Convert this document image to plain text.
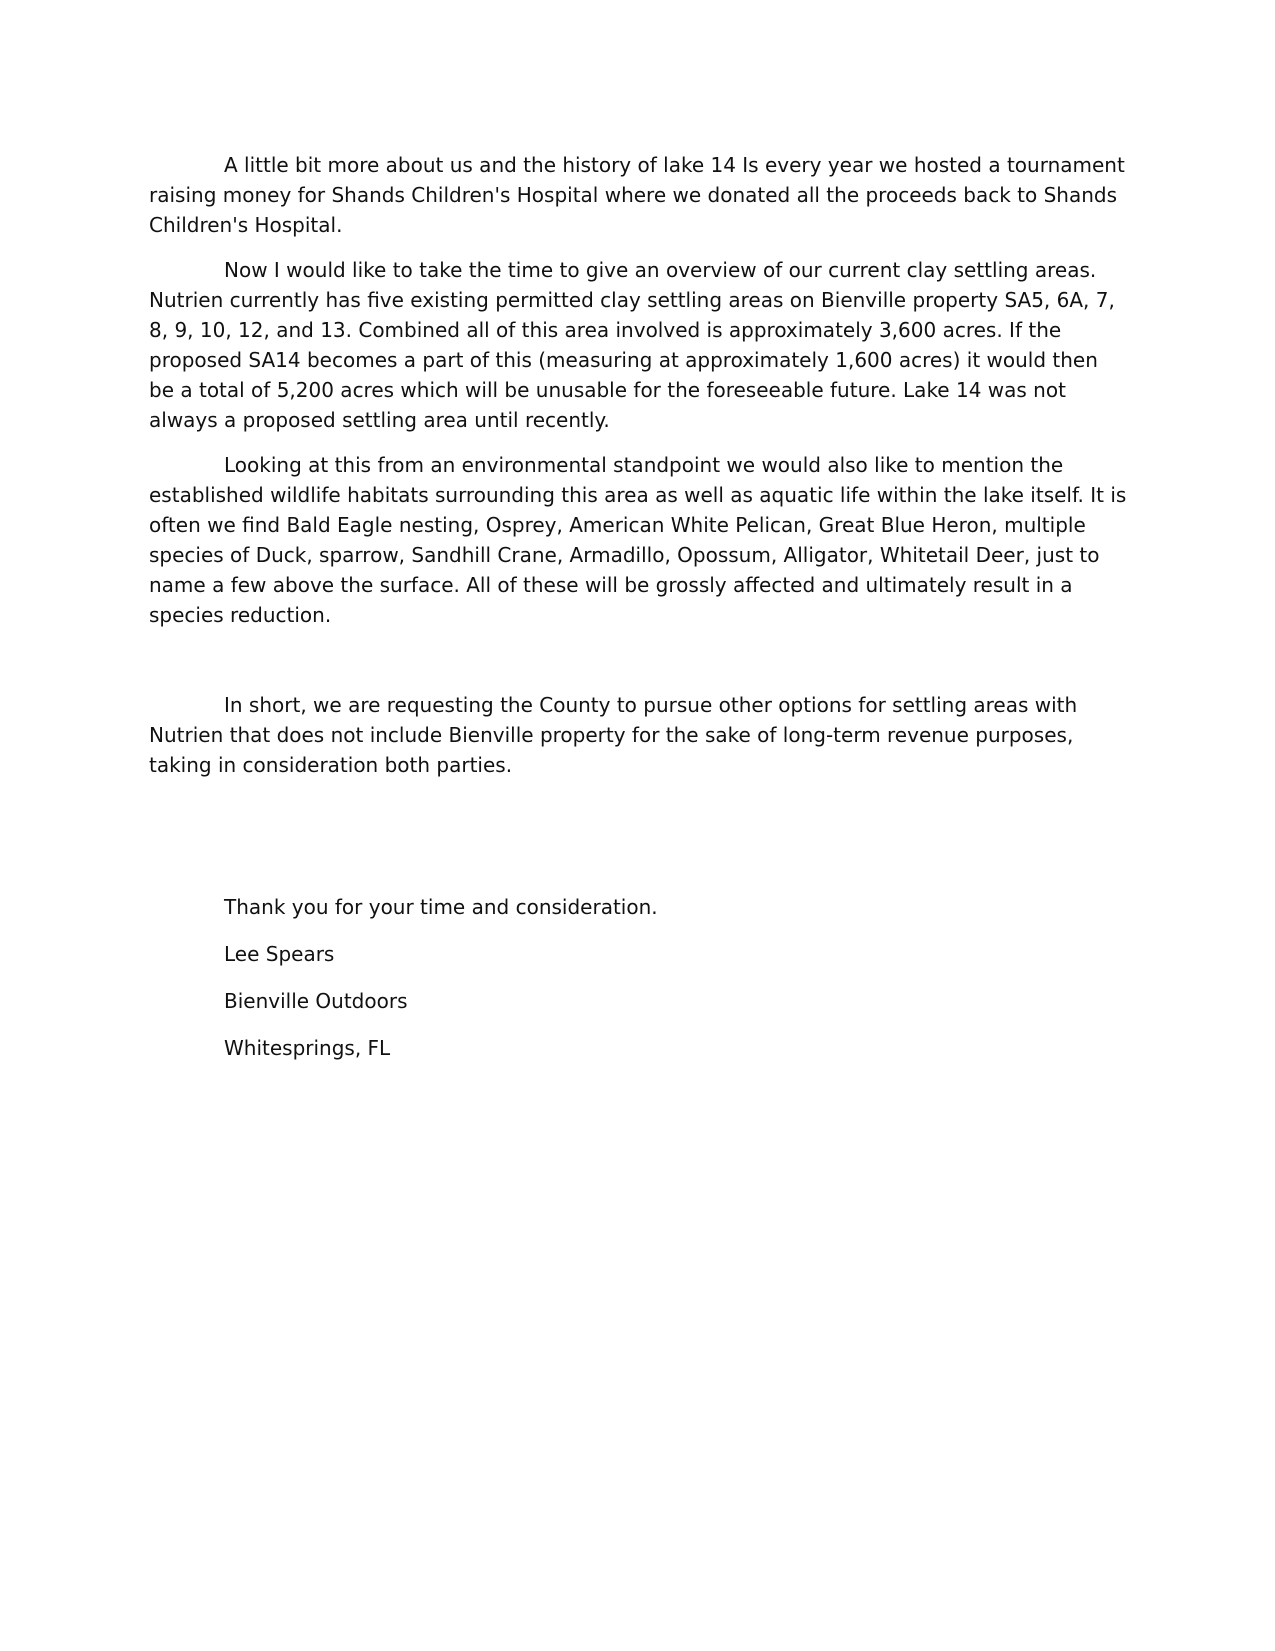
A little bit more about us and the history of lake 14 Is every year we hosted a tournament raising money for Shands Children's Hospital where we donated all the proceeds back to Shands Children's Hospital.

Now I would like to take the time to give an overview of our current clay settling areas. Nutrien currently has five existing permitted clay settling areas on Bienville property SA5, 6A, 7, 8, 9, 10, 12, and 13. Combined all of this area involved is approximately 3,600 acres. If the proposed SA14 becomes a part of this (measuring at approximately 1,600 acres) it would then be a total of 5,200 acres which will be unusable for the foreseeable future. Lake 14 was not always a proposed settling area until recently.

Looking at this from an environmental standpoint we would also like to mention the established wildlife habitats surrounding this area as well as aquatic life within the lake itself. It is often we find Bald Eagle nesting, Osprey, American White Pelican, Great Blue Heron, multiple species of Duck, sparrow, Sandhill Crane, Armadillo, Opossum, Alligator, Whitetail Deer, just to name a few above the surface. All of these will be grossly affected and ultimately result in a species reduction.

In short, we are requesting the County to pursue other options for settling areas with Nutrien that does not include Bienville property for the sake of long-term revenue purposes, taking in consideration both parties.

Thank you for your time and consideration.
Lee Spears
Bienville Outdoors
Whitesprings, FL
